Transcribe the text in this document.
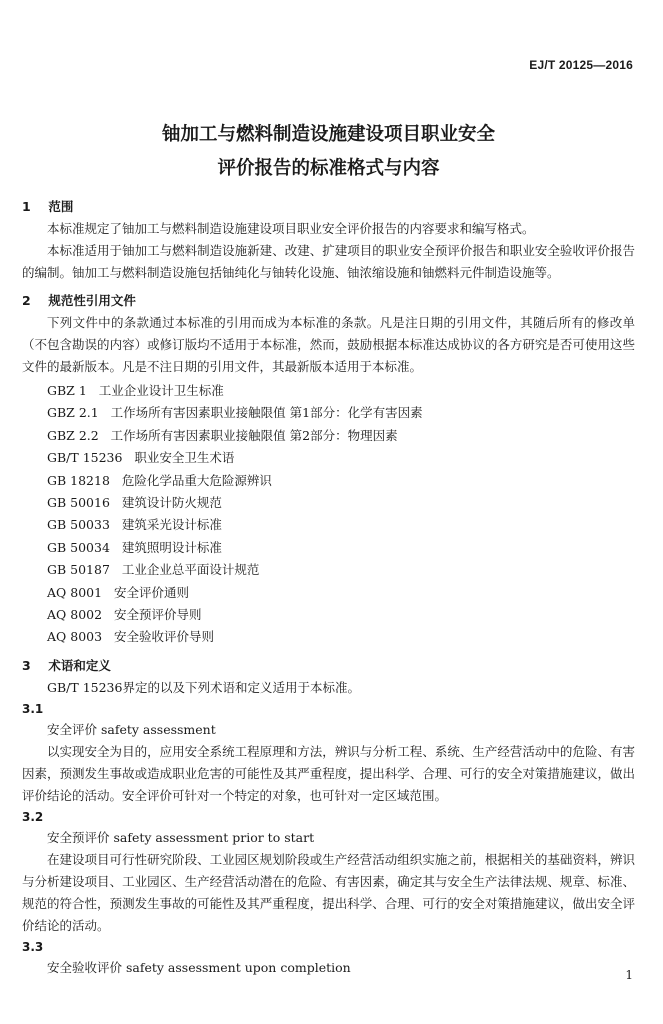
EJ/T 20125—2016
铀加工与燃料制造设施建设项目职业安全
评价报告的标准格式与内容
1 范围

本标准规定了铀加工与燃料制造设施建设项目职业安全评价报告的内容要求和编写格式。

本标准适用于铀加工与燃料制造设施新建、改建、扩建项目的职业安全预评价报告和职业安全验收评价报告的编制。铀加工与燃料制造设施包括铀纯化与铀转化设施、铀浓缩设施和铀燃料元件制造设施等。

2 规范性引用文件

下列文件中的条款通过本标准的引用而成为本标准的条款。凡是注日期的引用文件，其随后所有的修改单（不包含勘误的内容）或修订版均不适用于本标准，然而，鼓励根据本标准达成协议的各方研究是否可使用这些文件的最新版本。凡是不注日期的引用文件，其最新版本适用于本标准。

GBZ 1 工业企业设计卫生标准
GBZ 2.1 工作场所有害因素职业接触限值 第1部分：化学有害因素
GBZ 2.2 工作场所有害因素职业接触限值 第2部分：物理因素
GB/T 15236 职业安全卫生术语
GB 18218 危险化学品重大危险源辨识
GB 50016 建筑设计防火规范
GB 50033 建筑采光设计标准
GB 50034 建筑照明设计标准
GB 50187 工业企业总平面设计规范
AQ 8001 安全评价通则
AQ 8002 安全预评价导则
AQ 8003 安全验收评价导则
3 术语和定义

GB/T 15236界定的以及下列术语和定义适用于本标准。

3.1
安全评价 safety assessment

以实现安全为目的，应用安全系统工程原理和方法，辨识与分析工程、系统、生产经营活动中的危险、有害因素，预测发生事故或造成职业危害的可能性及其严重程度，提出科学、合理、可行的安全对策措施建议，做出评价结论的活动。安全评价可针对一个特定的对象，也可针对一定区域范围。

3.2
安全预评价 safety assessment prior to start

在建设项目可行性研究阶段、工业园区规划阶段或生产经营活动组织实施之前，根据相关的基础资料，辨识与分析建设项目、工业园区、生产经营活动潜在的危险、有害因素，确定其与安全生产法律法规、规章、标准、规范的符合性，预测发生事故的可能性及其严重程度，提出科学、合理、可行的安全对策措施建议，做出安全评价结论的活动。

3.3
安全验收评价 safety assessment upon completion
1
